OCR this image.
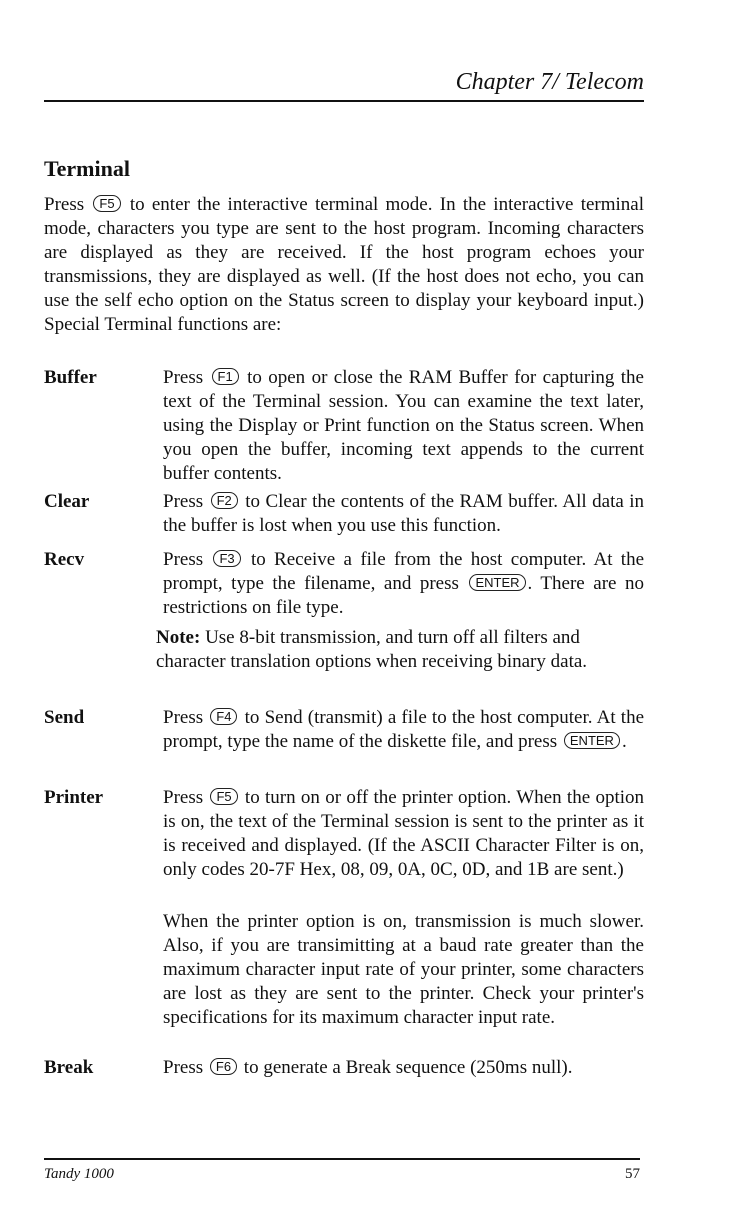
Chapter 7/ Telecom
Terminal

Press F5 to enter the interactive terminal mode. In the interactive terminal mode, characters you type are sent to the host program. Incoming characters are displayed as they are received. If the host program echoes your transmissions, they are displayed as well. (If the host does not echo, you can use the self echo option on the Status screen to display your keyboard input.) Special Terminal functions are:

Buffer	Press F1 to open or close the RAM Buffer for capturing the text of the Terminal session. You can examine the text later, using the Display or Print function on the Status screen. When you open the buffer, incoming text appends to the current buffer contents.

Clear	Press F2 to Clear the contents of the RAM buffer. All data in the buffer is lost when you use this function.

Recv	Press F3 to Receive a file from the host computer. At the prompt, type the filename, and press ENTER . There are no restrictions on file type.

Note: Use 8-bit transmission, and turn off all filters and character translation options when receiving binary data.

Send	Press F4 to Send (transmit) a file to the host computer. At the prompt, type the name of the diskette file, and press ENTER .

Printer	Press F5 to turn on or off the printer option. When the option is on, the text of the Terminal session is sent to the printer as it is received and displayed. (If the ASCII Character Filter is on, only codes 20-7F Hex, 08, 09, 0A, 0C, 0D, and 1B are sent.)

When the printer option is on, transmission is much slower. Also, if you are transimitting at a baud rate greater than the maximum character input rate of your printer, some characters are lost as they are sent to the printer. Check your printer's specifications for its maximum character input rate.

Break	Press F6 to generate a Break sequence (250ms null).

Tandy 1000	57
